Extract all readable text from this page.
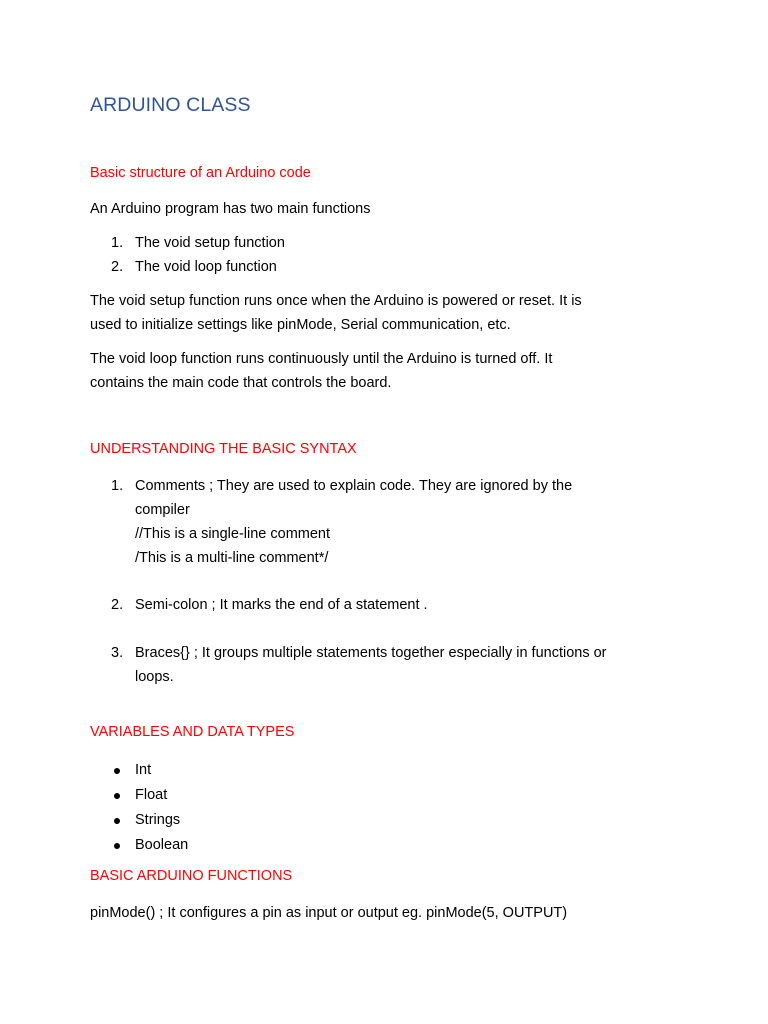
ARDUINO CLASS
Basic structure of an Arduino code

An Arduino program has two main functions

1. The void setup function
2. The void loop function

The void setup function runs once when the Arduino is powered or reset. It is
used to initialize settings like pinMode, Serial communication, etc.

The void loop function runs continuously until the Arduino is turned off. It
contains the main code that controls the board.

UNDERSTANDING THE BASIC SYNTAX
1. Comments ; They are used to explain code. They are ignored by the
compiler
//This is a single-line comment
/This is a multi-line comment*/
2. Semi-colon ; It marks the end of a statement .
3. Braces{} ; It groups multiple statements together especially in functions or
loops.
VARIABLES AND DATA TYPES
Int
Float
Strings
Boolean
BASIC ARDUINO FUNCTIONS

pinMode() ; It configures a pin as input or output eg. pinMode(5, OUTPUT)
